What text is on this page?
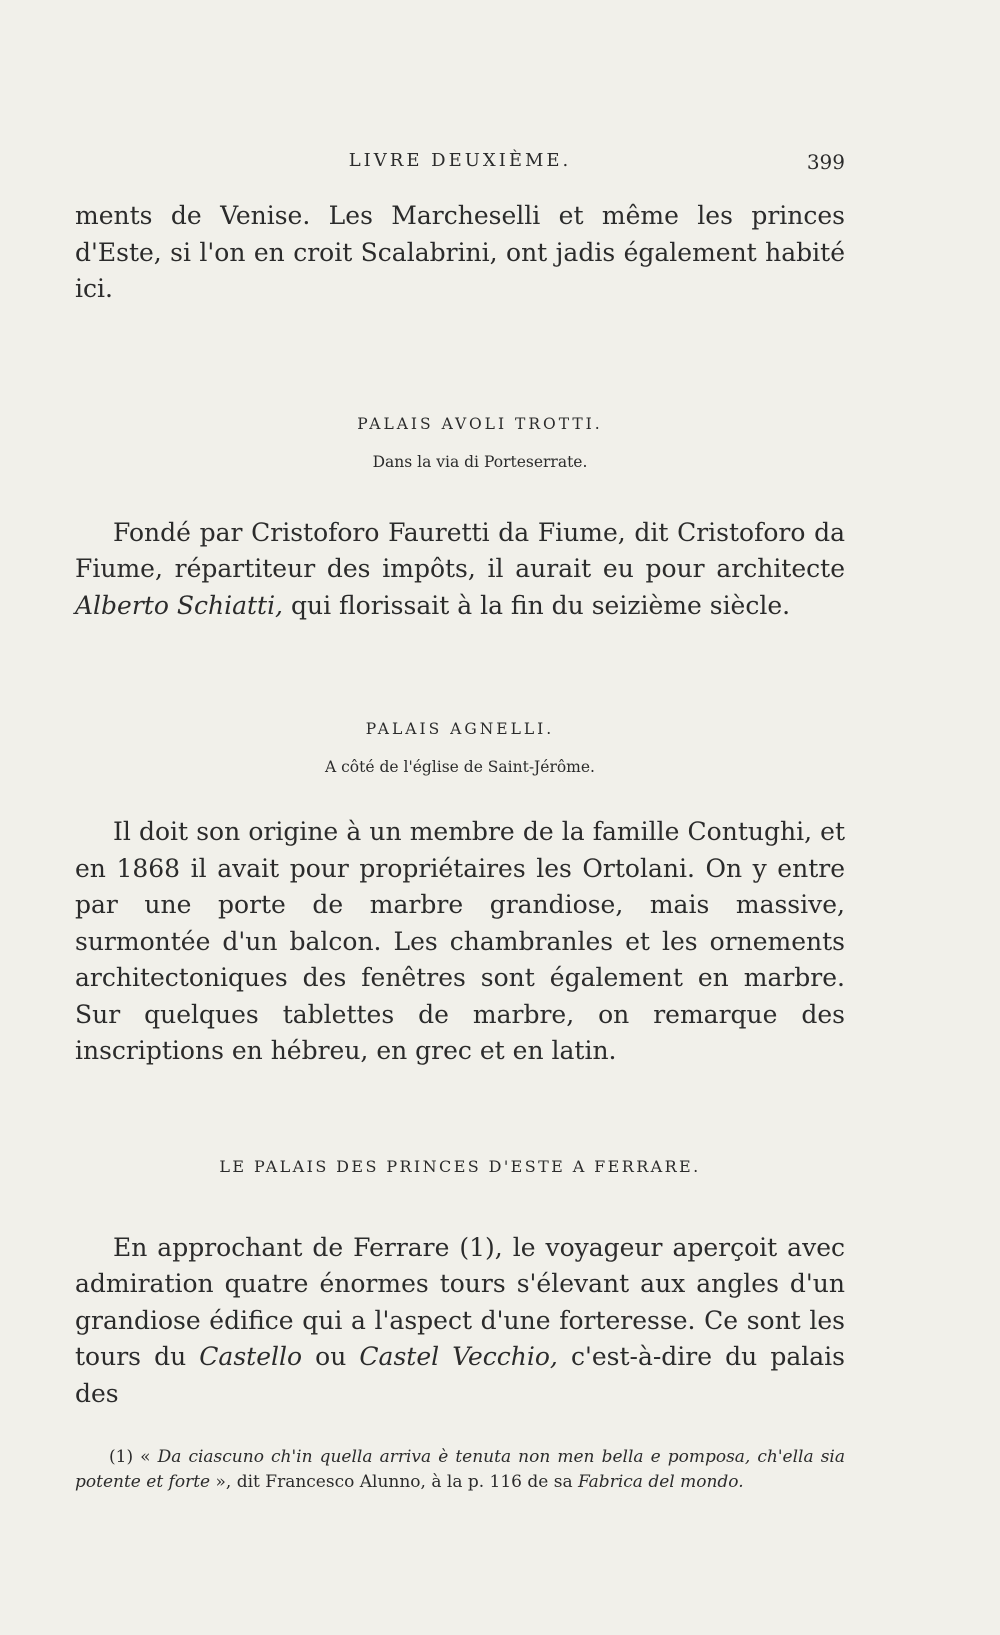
LIVRE DEUXIÈME.	399

ments de Venise. Les Marcheselli et même les princes d'Este, si l'on en croit Scalabrini, ont jadis également habité ici.

PALAIS AVOLI TROTTI.
Dans la via di Porteserrate.

Fondé par Cristoforo Fauretti da Fiume, dit Cristoforo da Fiume, répartiteur des impôts, il aurait eu pour architecte Alberto Schiatti, qui florissait à la fin du seizième siècle.

PALAIS AGNELLI.
A côté de l'église de Saint-Jérôme.

Il doit son origine à un membre de la famille Contughi, et en 1868 il avait pour propriétaires les Ortolani. On y entre par une porte de marbre grandiose, mais massive, surmontée d'un balcon. Les chambranles et les ornements architectoniques des fenêtres sont également en marbre. Sur quelques tablettes de marbre, on remarque des inscriptions en hébreu, en grec et en latin.

LE PALAIS DES PRINCES D'ESTE A FERRARE.

En approchant de Ferrare (1), le voyageur aperçoit avec admiration quatre énormes tours s'élevant aux angles d'un grandiose édifice qui a l'aspect d'une forteresse. Ce sont les tours du Castello ou Castel Vecchio, c'est-à-dire du palais des

(1) « Da ciascuno ch'in quella arriva è tenuta non men bella e pomposa, ch'ella sia potente et forte », dit Francesco Alunno, à la p. 116 de sa Fabrica del mondo.
